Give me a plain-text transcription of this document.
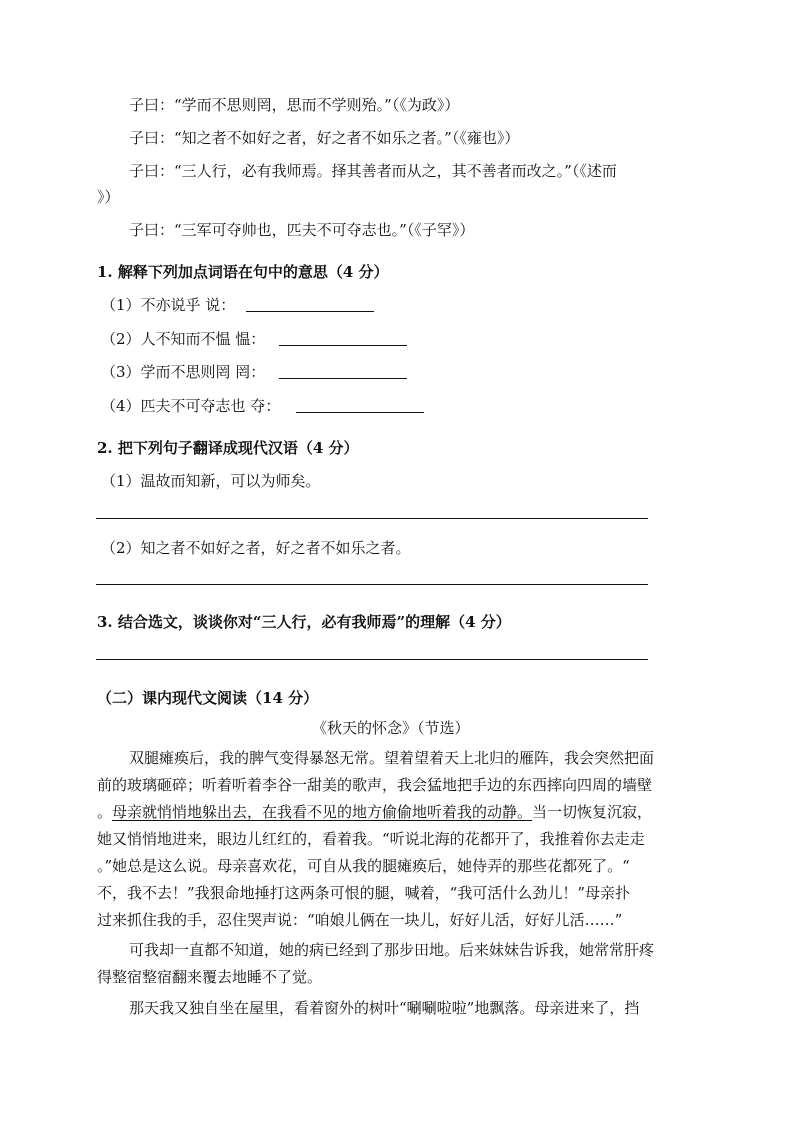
子曰：“学而不思则罔，思而不学则殆。”（《为政》）
子曰：“知之者不如好之者，好之者不如乐之者。”（《雍也》）
子曰：“三人行，必有我师焉。择其善者而从之，其不善者而改之。”（《述而
》）
子曰：“三军可夺帅也，匹夫不可夺志也。”（《子罕》）
1. 解释下列加点词语在句中的意思（4 分）
（1）不亦说乎 说：
（2）人不知而不愠 愠：
（3）学而不思则罔 罔：
（4）匹夫不可夺志也 夺：
2. 把下列句子翻译成现代汉语（4 分）
（1）温故而知新，可以为师矣。
（2）知之者不如好之者，好之者不如乐之者。
3. 结合选文，谈谈你对“三人行，必有我师焉”的理解（4 分）
（二）课内现代文阅读（14 分）
《秋天的怀念》（节选）
双腿瘫痪后，我的脾气变得暴怒无常。望着望着天上北归的雁阵，我会突然把面
前的玻璃砸碎；听着听着李谷一甜美的歌声，我会猛地把手边的东西摔向四周的墙壁
。母亲就悄悄地躲出去，在我看不见的地方偷偷地听着我的动静。当一切恢复沉寂，
她又悄悄地进来，眼边儿红红的，看着我。“听说北海的花都开了，我推着你去走走
。”她总是这么说。母亲喜欢花，可自从我的腿瘫痪后，她侍弄的那些花都死了。“
不，我不去！”我狠命地捶打这两条可恨的腿，喊着，“我可活什么劲儿！”母亲扑
过来抓住我的手，忍住哭声说：“咱娘儿俩在一块儿，好好儿活，好好儿活……”
可我却一直都不知道，她的病已经到了那步田地。后来妹妹告诉我，她常常肝疼
得整宿整宿翻来覆去地睡不了觉。
那天我又独自坐在屋里，看着窗外的树叶“唰唰啦啦”地飘落。母亲进来了，挡
